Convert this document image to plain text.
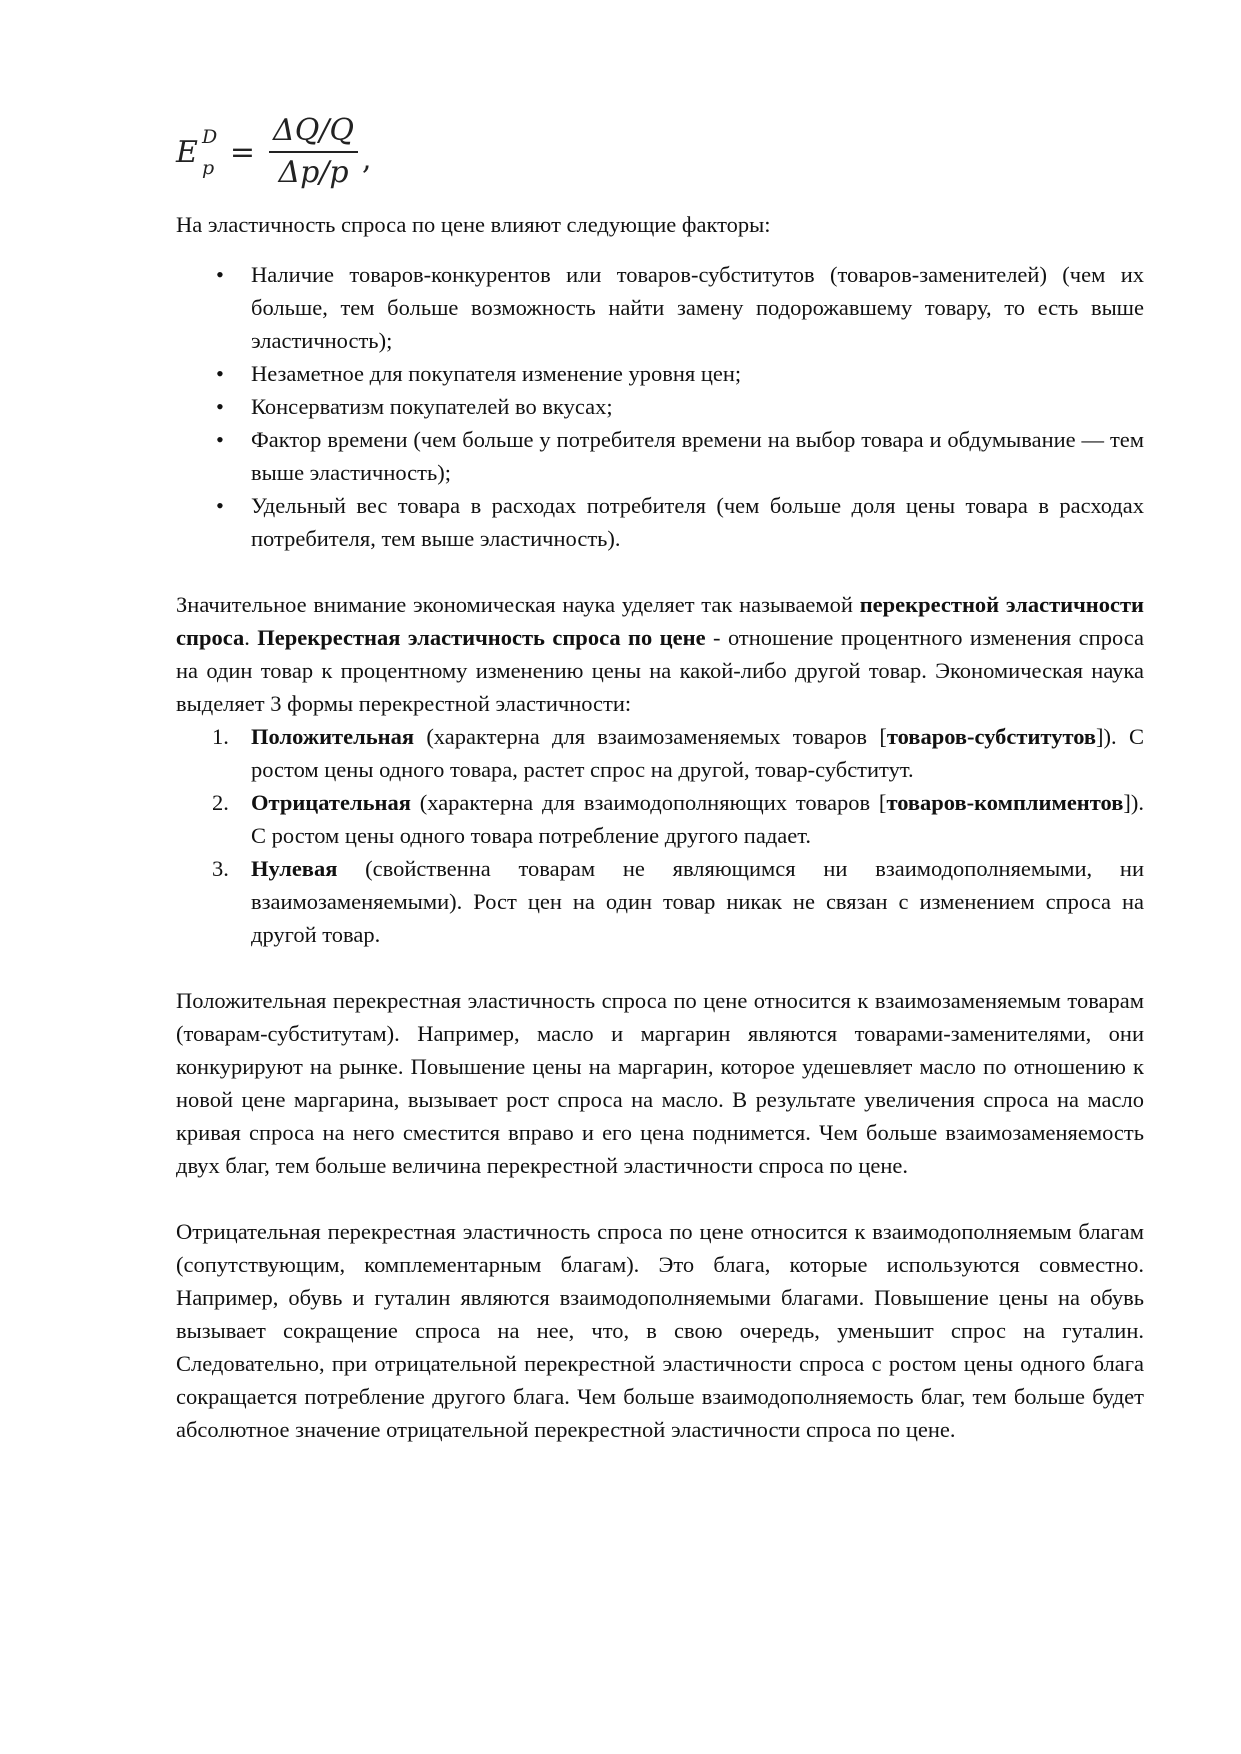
E D
$p = \frac{\Delta Q/Q}{\Delta p/p}$ ,

На эластичность спроса по цене влияют следующие факторы:

• Наличие товаров-конкурентов или товаров-субститутов (товаров-заменителей) (чем их больше, тем больше возможность найти замену подорожавшему товару, то есть выше эластичность);
• Незаметное для покупателя изменение уровня цен;
• Консерватизм покупателей во вкусах;
• Фактор времени (чем больше у потребителя времени на выбор товара и обдумывание — тем выше эластичность);
• Удельный вес товара в расходах потребителя (чем больше доля цены товара в расходах потребителя, тем выше эластичность).

Значительное внимание экономическая наука уделяет так называемой перекрестной эластичности спроса. Перекрестная эластичность спроса по цене - отношение процентного изменения спроса на один товар к процентному изменению цены на какой-либо другой товар. Экономическая наука выделяет 3 формы перекрестной эластичности:

1. Положительная (характерна для взаимозаменяемых товаров [товаров-субститутов]). С ростом цены одного товара, растет спрос на другой, товар-субститут.
2. Отрицательная (характерна для взаимодополняющих товаров [товаров-комплиментов]). С ростом цены одного товара потребление другого падает.
3. Нулевая (свойственна товарам не являющимся ни взаимодополняемыми, ни взаимозаменяемыми). Рост цен на один товар никак не связан с изменением спроса на другой товар.

Положительная перекрестная эластичность спроса по цене относится к взаимозаменяемым товарам (товарам-субститутам). Например, масло и маргарин являются товарами-заменителями, они конкурируют на рынке. Повышение цены на маргарин, которое удешевляет масло по отношению к новой цене маргарина, вызывает рост спроса на масло. В результате увеличения спроса на масло кривая спроса на него сместится вправо и его цена поднимется. Чем больше взаимозаменяемость двух благ, тем больше величина перекрестной эластичности спроса по цене.

Отрицательная перекрестная эластичность спроса по цене относится к взаимодополняемым благам (сопутствующим, комплементарным благам). Это блага, которые используются совместно. Например, обувь и гуталин являются взаимодополняемыми благами. Повышение цены на обувь вызывает сокращение спроса на нее, что, в свою очередь, уменьшит спрос на гуталин. Следовательно, при отрицательной перекрестной эластичности спроса с ростом цены одного блага сокращается потребление другого блага. Чем больше взаимодополняемость благ, тем больше будет абсолютное значение отрицательной перекрестной эластичности спроса по цене.
